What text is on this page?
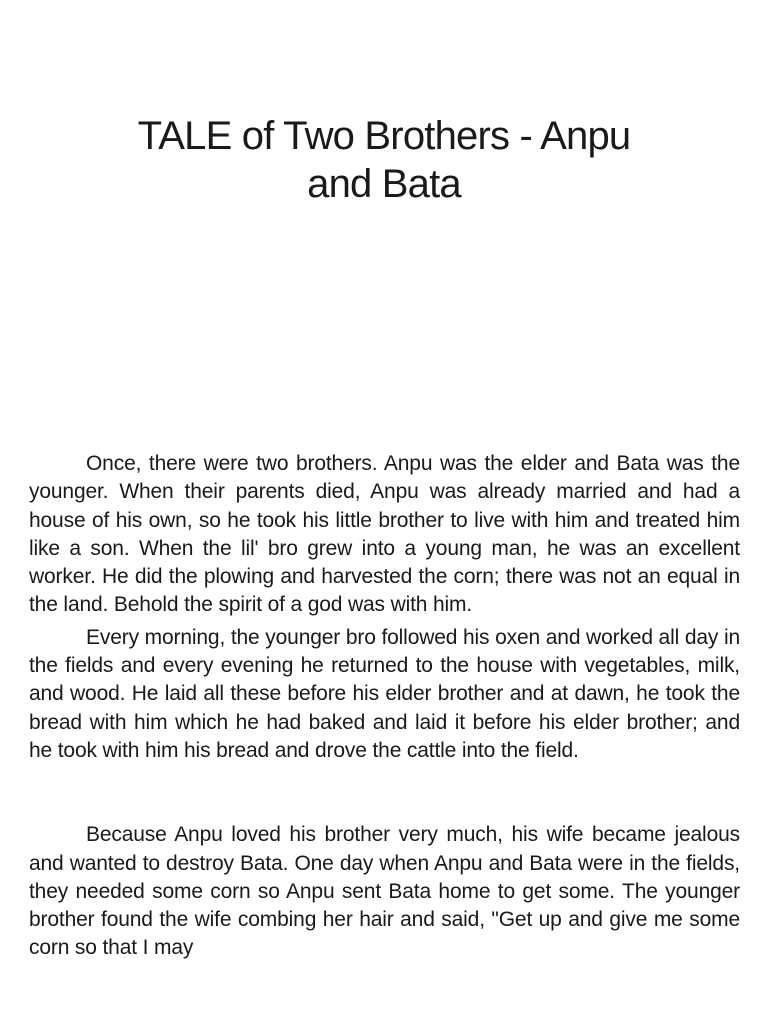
TALE of Two Brothers - Anpu
and Bata

Once, there were two brothers. Anpu was the elder and Bata was the younger. When their parents died, Anpu was already married and had a house of his own, so he took his little brother to live with him and treated him like a son. When the lil' bro grew into a young man, he was an excellent worker. He did the plowing and harvested the corn; there was not an equal in the land. Behold the spirit of a god was with him.

Every morning, the younger bro followed his oxen and worked all day in the fields and every evening he returned to the house with vegetables, milk, and wood. He laid all these before his elder brother and at dawn, he took the bread with him which he had baked and laid it before his elder brother; and he took with him his bread and drove the cattle into the field.

Because Anpu loved his brother very much, his wife became jealous and wanted to destroy Bata. One day when Anpu and Bata were in the fields, they needed some corn so Anpu sent Bata home to get some. The younger brother found the wife combing her hair and said, "Get up and give me some corn so that I may
